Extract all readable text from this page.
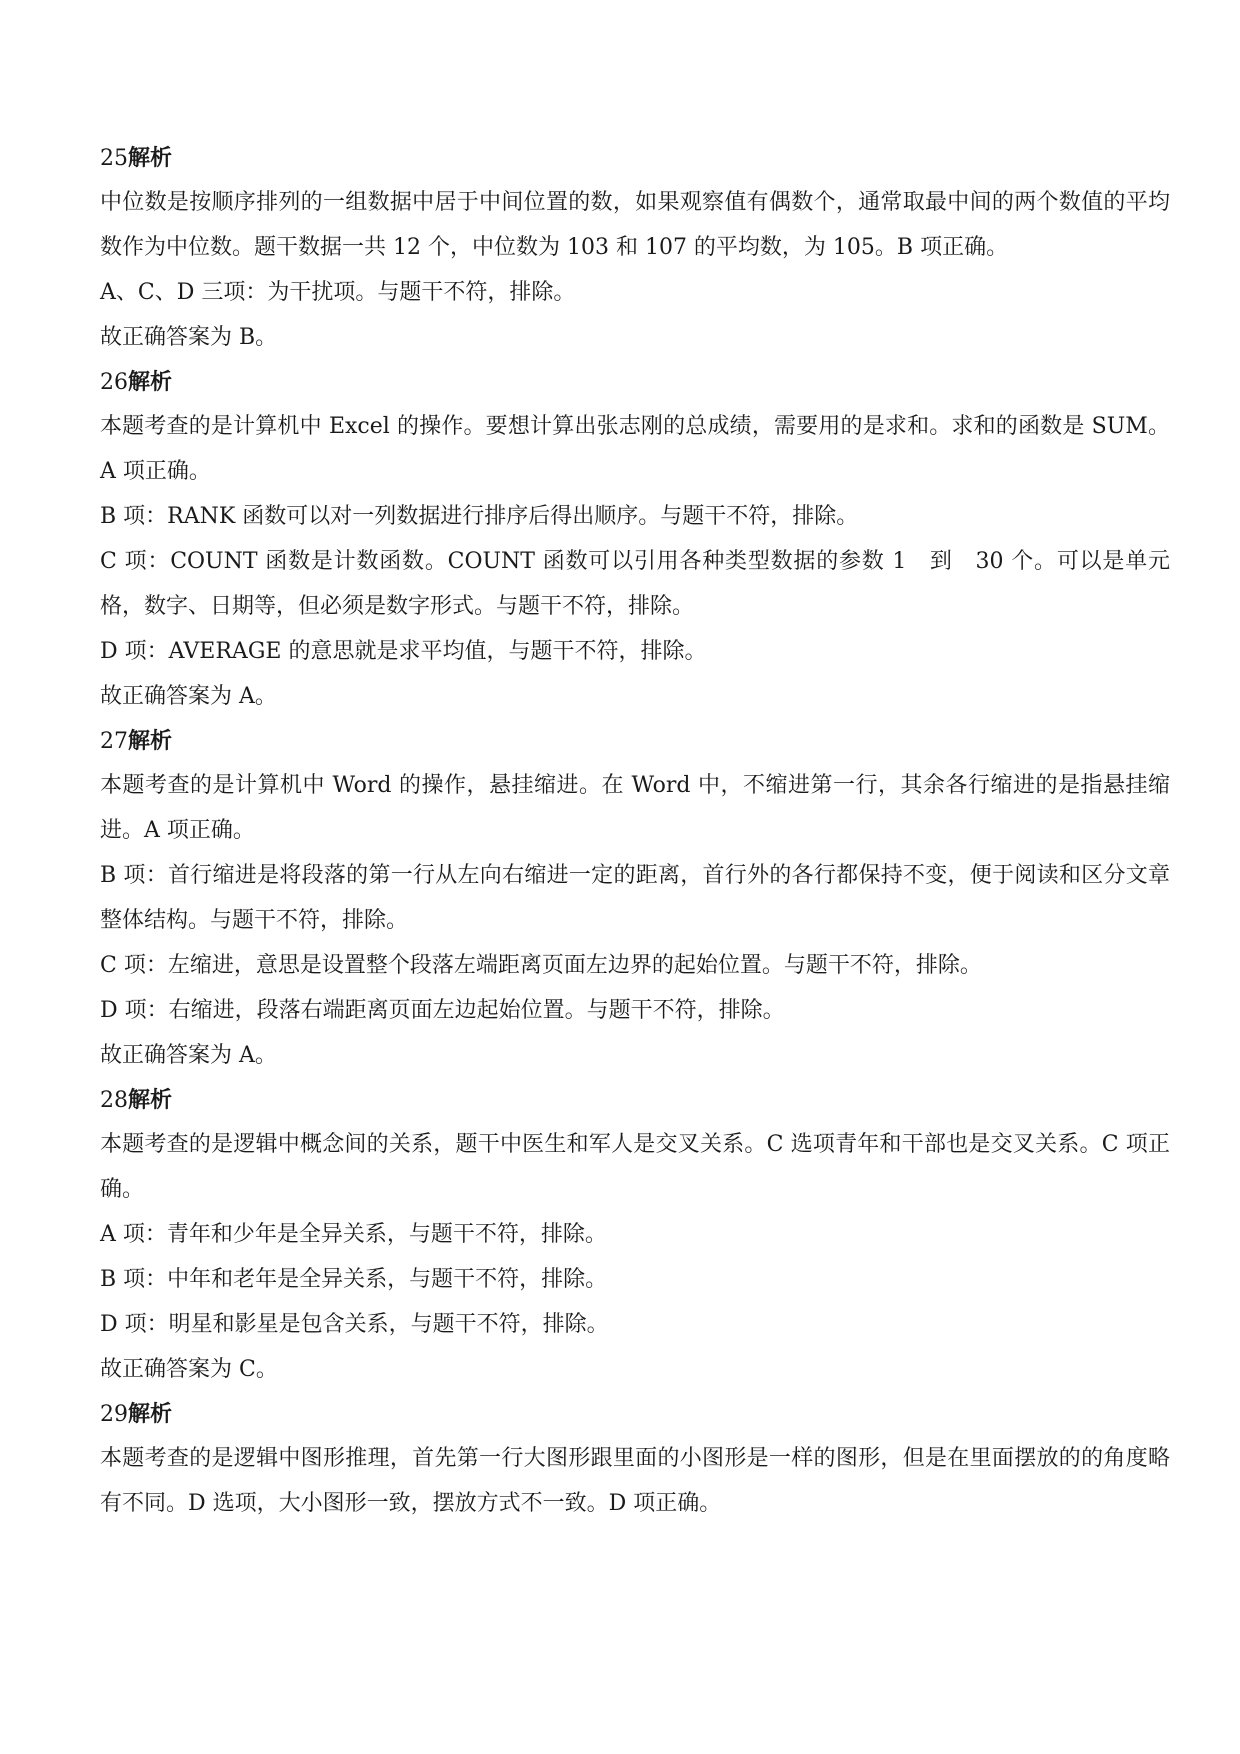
25解析

中位数是按顺序排列的一组数据中居于中间位置的数，如果观察值有偶数个，通常取最中间的两个数值的平均数作为中位数。题干数据一共 12 个，中位数为 103 和 107 的平均数，为 105。B 项正确。

A、C、D 三项：为干扰项。与题干不符，排除。

故正确答案为 B。

26解析

本题考查的是计算机中 Excel 的操作。要想计算出张志刚的总成绩，需要用的是求和。求和的函数是 SUM。A 项正确。

B 项：RANK 函数可以对一列数据进行排序后得出顺序。与题干不符，排除。

C 项：COUNT 函数是计数函数。COUNT 函数可以引用各种类型数据的参数 1　到　30 个。可以是单元格，数字、日期等，但必须是数字形式。与题干不符，排除。

D 项：AVERAGE 的意思就是求平均值，与题干不符，排除。

故正确答案为 A。

27解析

本题考查的是计算机中 Word 的操作，悬挂缩进。在 Word 中，不缩进第一行，其余各行缩进的是指悬挂缩进。A 项正确。

B 项：首行缩进是将段落的第一行从左向右缩进一定的距离，首行外的各行都保持不变，便于阅读和区分文章整体结构。与题干不符，排除。

C 项：左缩进，意思是设置整个段落左端距离页面左边界的起始位置。与题干不符，排除。

D 项：右缩进，段落右端距离页面左边起始位置。与题干不符，排除。

故正确答案为 A。

28解析

本题考查的是逻辑中概念间的关系，题干中医生和军人是交叉关系。C 选项青年和干部也是交叉关系。C 项正确。

A 项：青年和少年是全异关系，与题干不符，排除。

B 项：中年和老年是全异关系，与题干不符，排除。

D 项：明星和影星是包含关系，与题干不符，排除。

故正确答案为 C。

29解析

本题考查的是逻辑中图形推理，首先第一行大图形跟里面的小图形是一样的图形，但是在里面摆放的的角度略有不同。D 选项，大小图形一致，摆放方式不一致。D 项正确。
